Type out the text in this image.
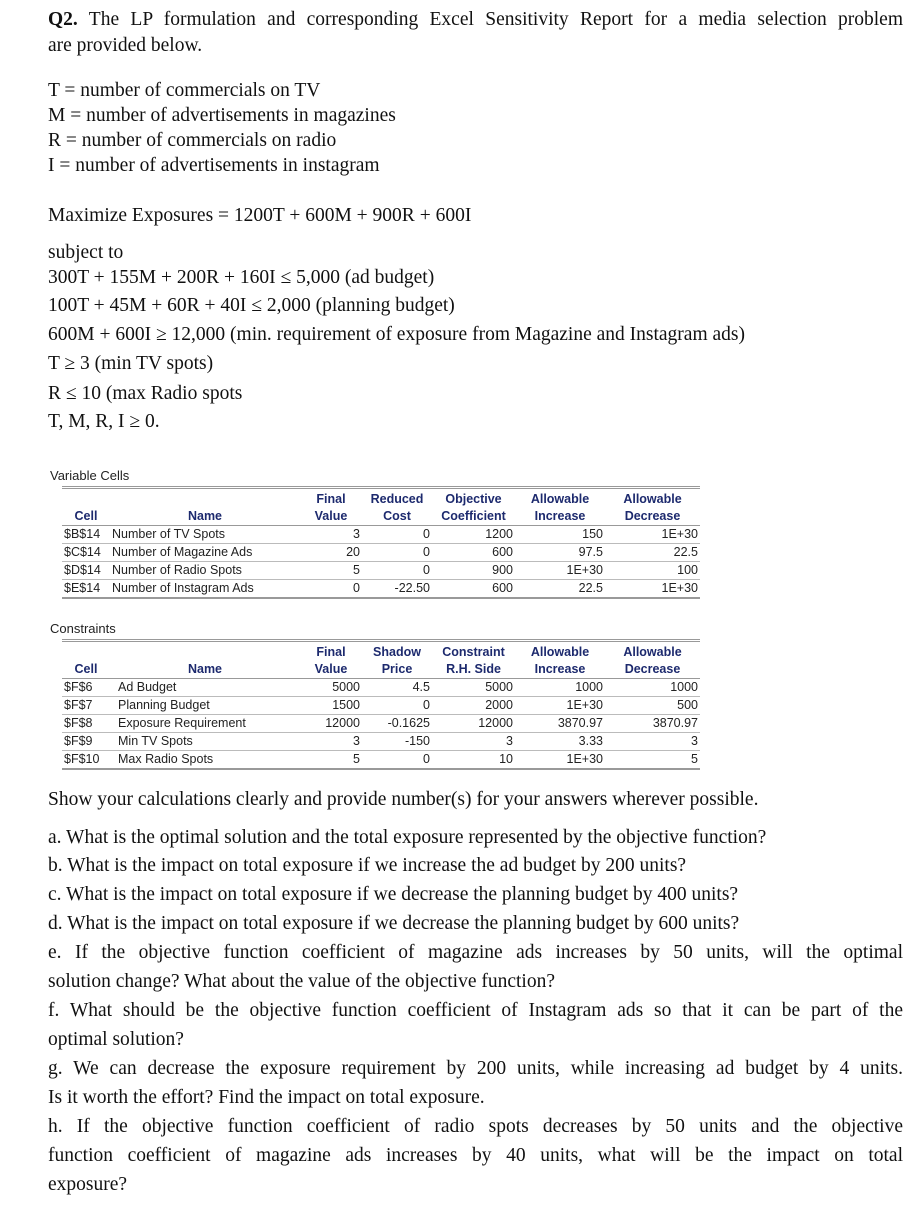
Q2. The LP formulation and corresponding Excel Sensitivity Report for a media selection problem
are provided below.
T = number of commercials on TV
M = number of advertisements in magazines
R = number of commercials on radio
I = number of advertisements in instagram
Maximize Exposures = 1200T + 600M + 900R + 600I
subject to
300T + 155M + 200R + 160I ≤ 5,000 (ad budget)
100T + 45M + 60R + 40I ≤ 2,000 (planning budget)
600M + 600I ≥ 12,000 (min. requirement of exposure from Magazine and Instagram ads)
T ≥ 3 (min TV spots)
R ≤ 10 (max Radio spots
T, M, R, I ≥ 0.
Variable Cells
		Final	Reduced	Objective	Allowable	Allowable
Cell	Name	Value	Cost	Coefficient	Increase	Decrease
$B$14	Number of TV Spots	3	0	1200	150	1E+30
$C$14	Number of Magazine Ads	20	0	600	97.5	22.5
$D$14	Number of Radio Spots	5	0	900	1E+30	100
$E$14	Number of Instagram Ads	0	-22.50	600	22.5	1E+30
Constraints
		Final	Shadow	Constraint	Allowable	Allowable
Cell	Name	Value	Price	R.H. Side	Increase	Decrease
$F$6	Ad Budget	5000	4.5	5000	1000	1000
$F$7	Planning Budget	1500	0	2000	1E+30	500
$F$8	Exposure Requirement	12000	-0.1625	12000	3870.97	3870.97
$F$9	Min TV Spots	3	-150	3	3.33	3
$F$10	Max Radio Spots	5	0	10	1E+30	5
Show your calculations clearly and provide number(s) for your answers wherever possible.
a. What is the optimal solution and the total exposure represented by the objective function?
b. What is the impact on total exposure if we increase the ad budget by 200 units?
c. What is the impact on total exposure if we decrease the planning budget by 400 units?
d. What is the impact on total exposure if we decrease the planning budget by 600 units?
e. If the objective function coefficient of magazine ads increases by 50 units, will the optimal
solution change? What about the value of the objective function?
f. What should be the objective function coefficient of Instagram ads so that it can be part of the
optimal solution?
g. We can decrease the exposure requirement by 200 units, while increasing ad budget by 4 units.
Is it worth the effort? Find the impact on total exposure.
h. If the objective function coefficient of radio spots decreases by 50 units and the objective
function coefficient of magazine ads increases by 40 units, what will be the impact on total
exposure?
